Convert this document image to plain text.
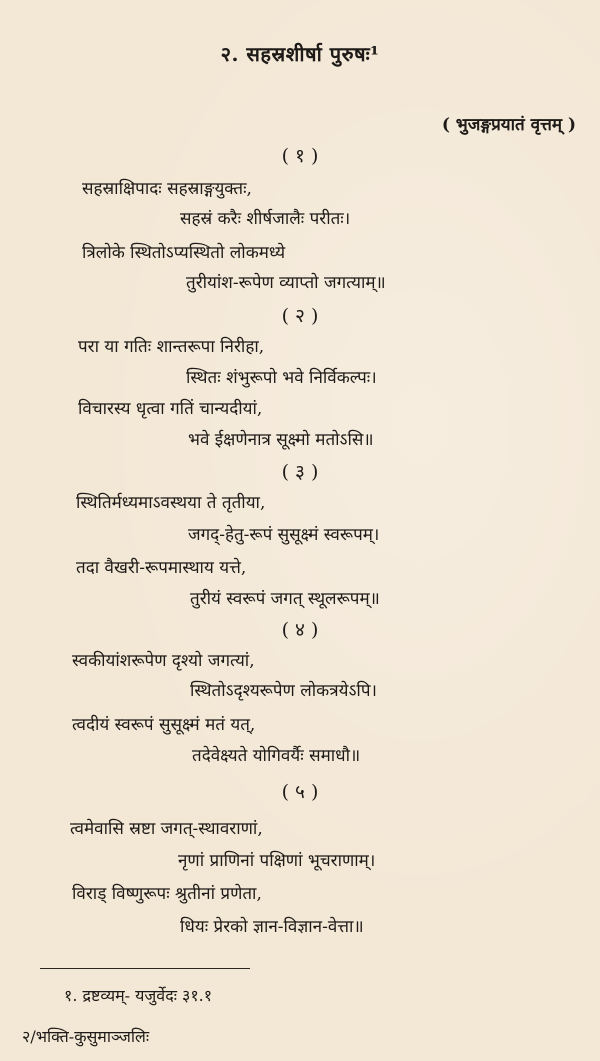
२. सहस्रशीर्षा पुरुषः¹
( भुजङ्गप्रयातं वृत्तम् )
( १ )
सहस्राक्षिपादः सहस्राङ्गयुक्तः,
सहस्रं करैः शीर्षजालैः परीतः।
त्रिलोके स्थितोऽप्यस्थितो लोकमध्ये
तुरीयांश-रूपेण व्याप्तो जगत्याम्॥
( २ )
परा या गतिः शान्तरूपा निरीहा,
स्थितः शंभुरूपो भवे निर्विकल्पः।
विचारस्य धृत्वा गतिं चान्यदीयां,
भवे ईक्षणेनात्र सूक्ष्मो मतोऽसि॥
( ३ )
स्थितिर्मध्यमाऽवस्थया ते तृतीया,
जगद्-हेतु-रूपं सुसूक्ष्मं स्वरूपम्।
तदा वैखरी-रूपमास्थाय यत्ते,
तुरीयं स्वरूपं जगत् स्थूलरूपम्॥
( ४ )
स्वकीयांशरूपेण दृश्यो जगत्यां,
स्थितोऽदृश्यरूपेण लोकत्रयेऽपि।
त्वदीयं स्वरूपं सुसूक्ष्मं मतं यत्,
तदेवेक्ष्यते योगिवर्यैः समाधौ॥
( ५ )
त्वमेवासि स्रष्टा जगत्-स्थावराणां,
नृणां प्राणिनां पक्षिणां भूचराणाम्।
विराड् विष्णुरूपः श्रुतीनां प्रणेता,
धियः प्रेरको ज्ञान-विज्ञान-वेत्ता॥
१. द्रष्टव्यम्- यजुर्वेदः ३१.१
२/भक्ति-कुसुमाञ्जलिः
